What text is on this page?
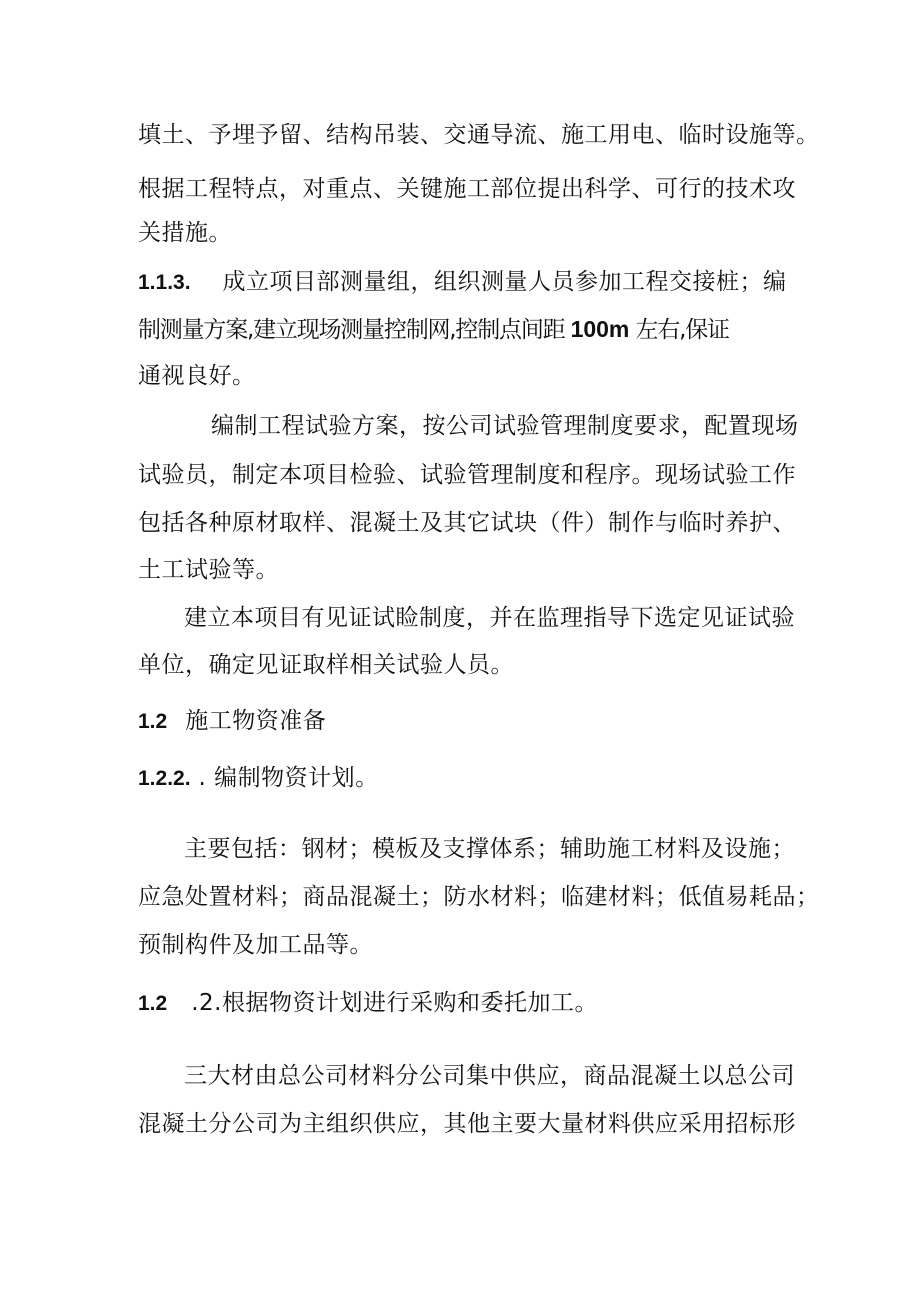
填土、予埋予留、结构吊装、交通导流、施工用电、临时设施等。
根据工程特点，对重点、关键施工部位提出科学、可行的技术攻
关措施。
1.1.3. 成立项目部测量组，组织测量人员参加工程交接桩；编
制测量方案,建立现场测量控制网,控制点间距 100m 左右,保证
通视良好。
编制工程试验方案，按公司试验管理制度要求，配置现场
试验员，制定本项目检验、试验管理制度和程序。现场试验工作
包括各种原材取样、混凝土及其它试块（件）制作与临时养护、
土工试验等。
建立本项目有见证试睑制度，并在监理指导下选定见证试验
单位，确定见证取样相关试验人员。
1.2 施工物资准备
1.2.2. . 编制物资计划。
主要包括：钢材；模板及支撑体系；辅助施工材料及设施；
应急处置材料；商品混凝土；防水材料；临建材料；低值易耗品；
预制构件及加工品等。
1.2 .2.根据物资计划进行采购和委托加工。
三大材由总公司材料分公司集中供应，商品混凝土以总公司
混凝土分公司为主组织供应，其他主要大量材料供应采用招标形
